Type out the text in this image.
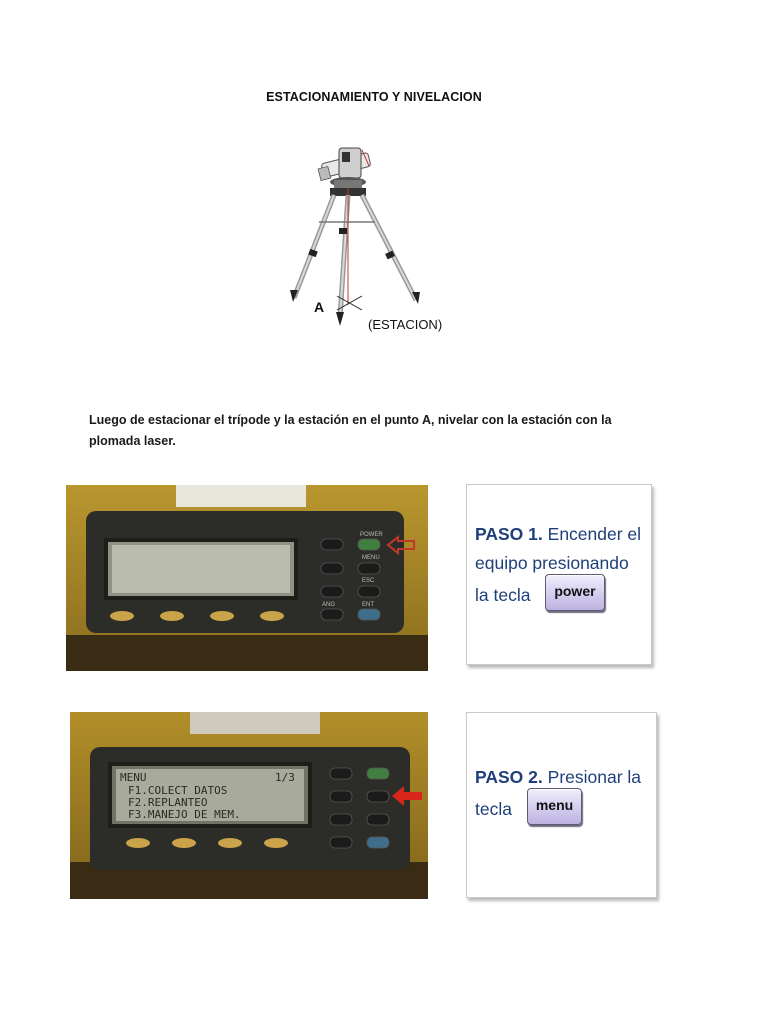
ESTACIONAMIENTO Y NIVELACION
A
(ESTACION)
Luego de estacionar el trípode y la estación en el punto A, nivelar con la estación con la plomada laser.
POWER
MENU
ESC
ENT
ANG
PASO 1. Encender el equipo presionando
la tecla power
MENU	1/3
F1.COLECT DATOS
F2.REPLANTEO
F3.MANEJO DE MEM.
PASO 2. Presionar la
tecla menu
